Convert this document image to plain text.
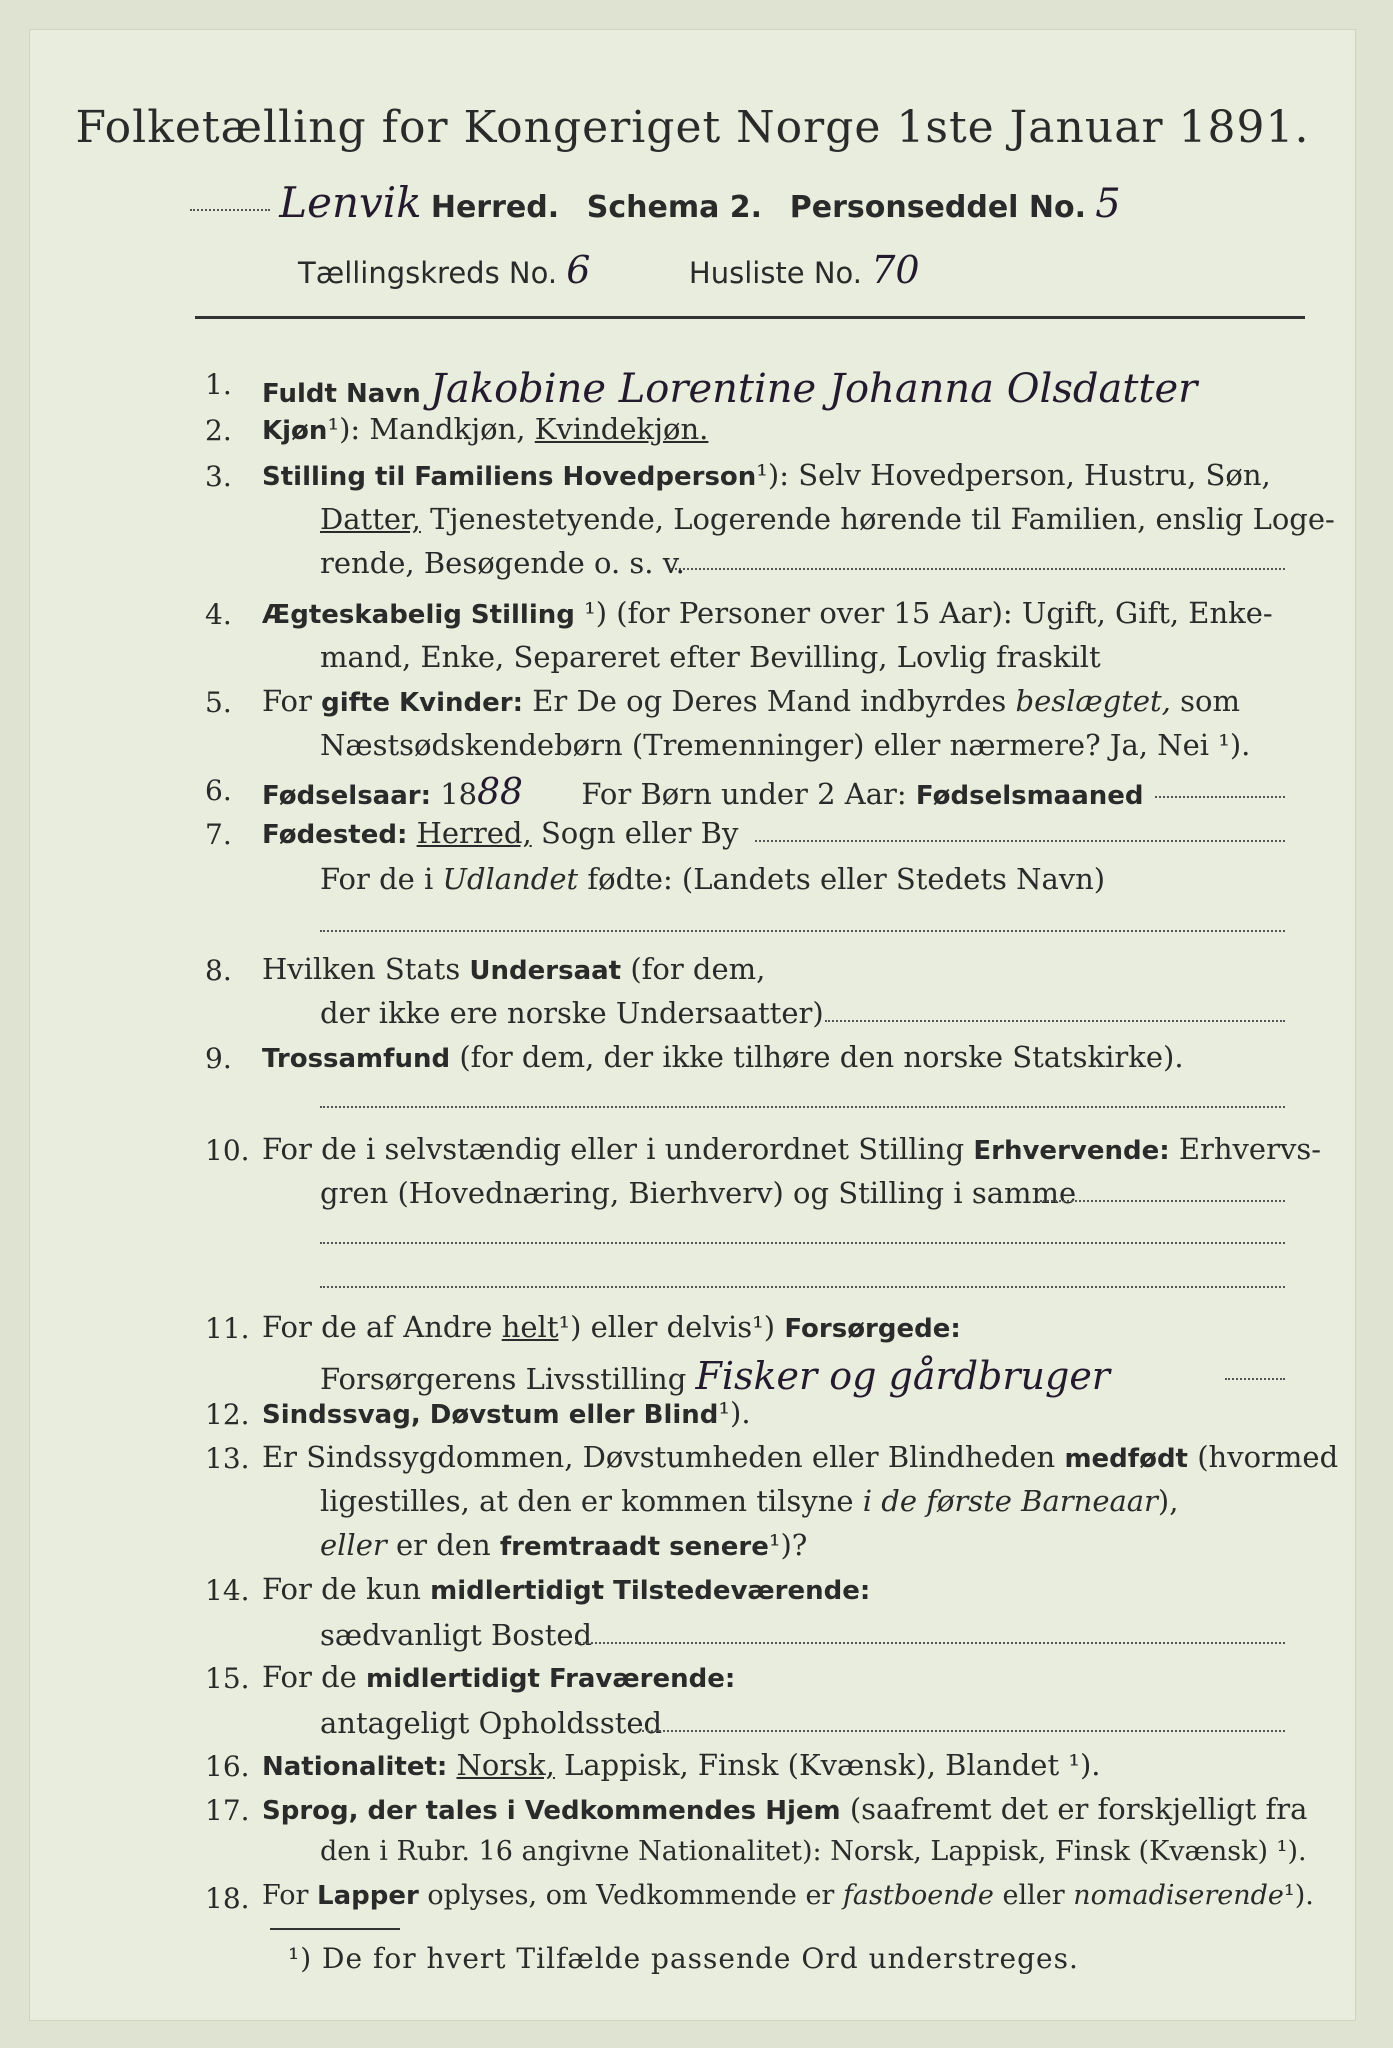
Folketælling for Kongeriget Norge 1ste Januar 1891.
Lenvik Herred. Schema 2. Personseddel No. 5
Tællingskreds No. 6	Husliste No. 70
1. Fuldt Navn Jakobine Lorentine Johanna Olsdatter
2. Kjøn¹): Mandkjøn, Kvindekjøn.
3. Stilling til Familiens Hovedperson¹): Selv Hovedperson, Hustru, Søn,
Datter, Tjenestetyende, Logerende hørende til Familien, enslig Loge-
rende, Besøgende o. s. v.
4. Ægteskabelig Stilling ¹) (for Personer over 15 Aar): Ugift, Gift, Enke-
mand, Enke, Separeret efter Bevilling, Lovlig fraskilt
5. For gifte Kvinder: Er De og Deres Mand indbyrdes beslægtet, som
Næstsødskendebørn (Tremenninger) eller nærmere? Ja, Nei ¹).
6. Fødselsaar: 1888 For Børn under 2 Aar: Fødselsmaaned
7. Fødested: Herred, Sogn eller By
For de i Udlandet fødte: (Landets eller Stedets Navn)
8. Hvilken Stats Undersaat (for dem,
der ikke ere norske Undersaatter)
9. Trossamfund (for dem, der ikke tilhøre den norske Statskirke).
10. For de i selvstændig eller i underordnet Stilling Erhvervende: Erhvervs-
gren (Hovednæring, Bierhverv) og Stilling i samme
11. For de af Andre helt¹) eller delvis¹) Forsørgede:
Forsørgerens Livsstilling Fisker og gårdbruger
12. Sindssvag, Døvstum eller Blind¹).
13. Er Sindssygdommen, Døvstumheden eller Blindheden medfødt (hvormed
ligestilles, at den er kommen tilsyne i de første Barneaar),
eller er den fremtraadt senere¹)?
14. For de kun midlertidigt Tilstedeværende:
sædvanligt Bosted
15. For de midlertidigt Fraværende:
antageligt Opholdssted
16. Nationalitet: Norsk, Lappisk, Finsk (Kvænsk), Blandet ¹).
17. Sprog, der tales i Vedkommendes Hjem (saafremt det er forskjelligt fra
den i Rubr. 16 angivne Nationalitet): Norsk, Lappisk, Finsk (Kvænsk) ¹).
18. For Lapper oplyses, om Vedkommende er fastboende eller nomadiserende¹).
¹) De for hvert Tilfælde passende Ord understreges.
